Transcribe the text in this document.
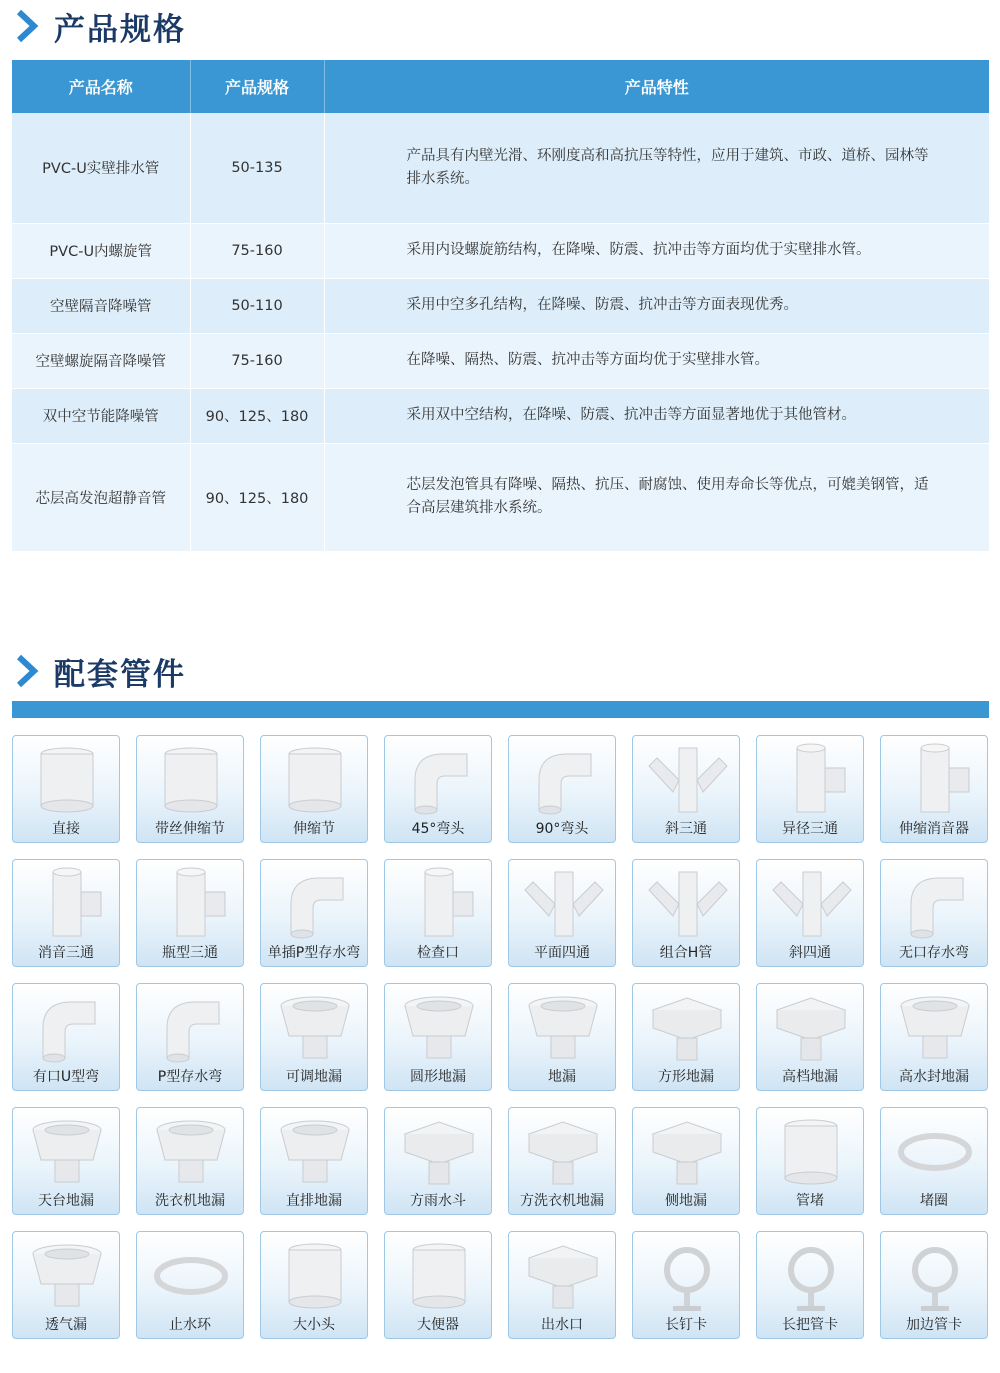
产品规格
产品名称	产品规格	产品特性
PVC-U实壁排水管	50-135	产品具有内壁光滑、环刚度高和高抗压等特性，应用于建筑、市政、道桥、园林等排水系统。
PVC-U内螺旋管	75-160	采用内设螺旋筋结构，在降噪、防震、抗冲击等方面均优于实壁排水管。
空壁隔音降噪管	50-110	采用中空多孔结构，在降噪、防震、抗冲击等方面表现优秀。
空壁螺旋隔音降噪管	75-160	在降噪、隔热、防震、抗冲击等方面均优于实壁排水管。
双中空节能降噪管	90、125、180	采用双中空结构，在降噪、防震、抗冲击等方面显著地优于其他管材。
芯层高发泡超静音管	90、125、180	芯层发泡管具有降噪、隔热、抗压、耐腐蚀、使用寿命长等优点，可媲美钢管，适合高层建筑排水系统。
配套管件
直接	带丝伸缩节	伸缩节	45°弯头	90°弯头	斜三通	异径三通	伸缩消音器
消音三通	瓶型三通	单插P型存水弯	检查口	平面四通	组合H管	斜四通	无口存水弯
有口U型弯	P型存水弯	可调地漏	圆形地漏	地漏	方形地漏	高档地漏	高水封地漏
天台地漏	洗衣机地漏	直排地漏	方雨水斗	方洗衣机地漏	侧地漏	管堵	堵圈
透气漏	止水环	大小头	大便器	出水口	长钉卡	长把管卡	加边管卡
